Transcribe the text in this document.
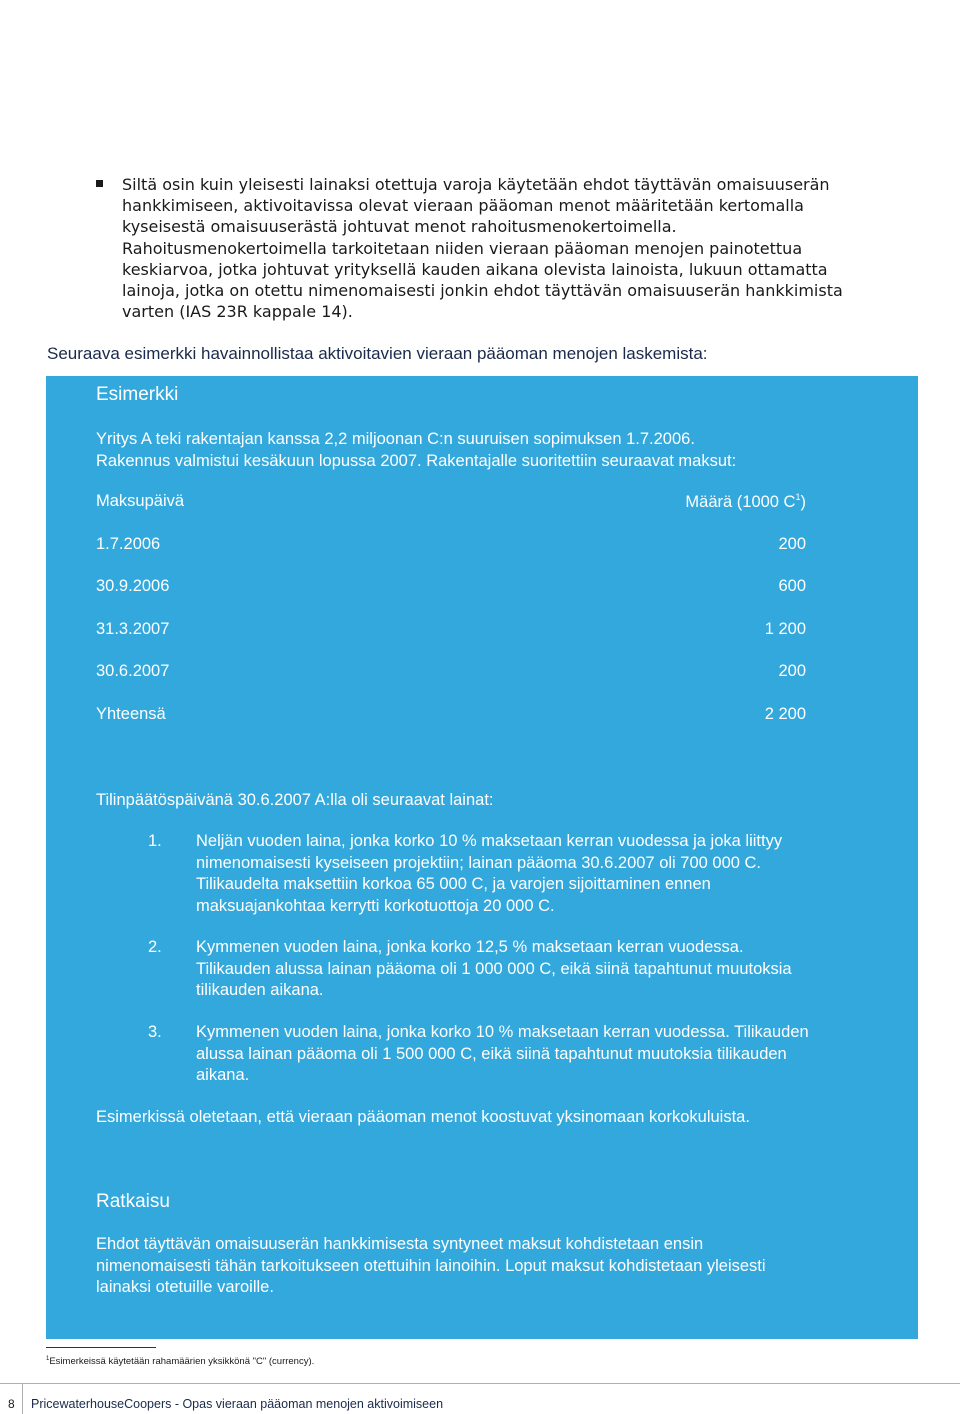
Siltä osin kuin yleisesti lainaksi otettuja varoja käytetään ehdot täyttävän omaisuuserän hankkimiseen, aktivoitavissa olevat vieraan pääoman menot määritetään kertomalla kyseisestä omaisuuserästä johtuvat menot rahoitusmenokertoimella.
Rahoitusmenokertoimella tarkoitetaan niiden vieraan pääoman menojen painotettua keskiarvoa, jotka johtuvat yrityksellä kauden aikana olevista lainoista, lukuun ottamatta lainoja, jotka on otettu nimenomaisesti jonkin ehdot täyttävän omaisuuserän hankkimista varten (IAS 23R kappale 14).
Seuraava esimerkki havainnollistaa aktivoitavien vieraan pääoman menojen laskemista:
Esimerkki
Yritys A teki rakentajan kanssa 2,2 miljoonan C:n suuruisen sopimuksen 1.7.2006.
Rakennus valmistui kesäkuun lopussa 2007. Rakentajalle suoritettiin seuraavat maksut:
Maksupäivä	Määrä (1000 $C^1$)
1.7.2006	200
30.9.2006	600
31.3.2007	1 200
30.6.2007	200
Yhteensä	2 200
Tilinpäätöspäivänä 30.6.2007 A:lla oli seuraavat lainat:
1. Neljän vuoden laina, jonka korko 10 % maksetaan kerran vuodessa ja joka liittyy nimenomaisesti kyseiseen projektiin; lainan pääoma 30.6.2007 oli 700 000 C. Tilikaudelta maksettiin korkoa 65 000 C, ja varojen sijoittaminen ennen maksuajankohtaa kerrytti korkotuottoja 20 000 C.
2. Kymmenen vuoden laina, jonka korko 12,5 % maksetaan kerran vuodessa. Tilikauden alussa lainan pääoma oli 1 000 000 C, eikä siinä tapahtunut muutoksia tilikauden aikana.
3. Kymmenen vuoden laina, jonka korko 10 % maksetaan kerran vuodessa. Tilikauden alussa lainan pääoma oli 1 500 000 C, eikä siinä tapahtunut muutoksia tilikauden aikana.
Esimerkissä oletetaan, että vieraan pääoman menot koostuvat yksinomaan korkokuluista.
Ratkaisu
Ehdot täyttävän omaisuuserän hankkimisesta syntyneet maksut kohdistetaan ensin nimenomaisesti tähän tarkoitukseen otettuihin lainoihin. Loput maksut kohdistetaan yleisesti lainaksi otetuille varoille.
$^1$Esimerkeissä käytetään rahamäärien yksikkönä "C" (currency).
8 PricewaterhouseCoopers - Opas vieraan pääoman menojen aktivoimiseen
